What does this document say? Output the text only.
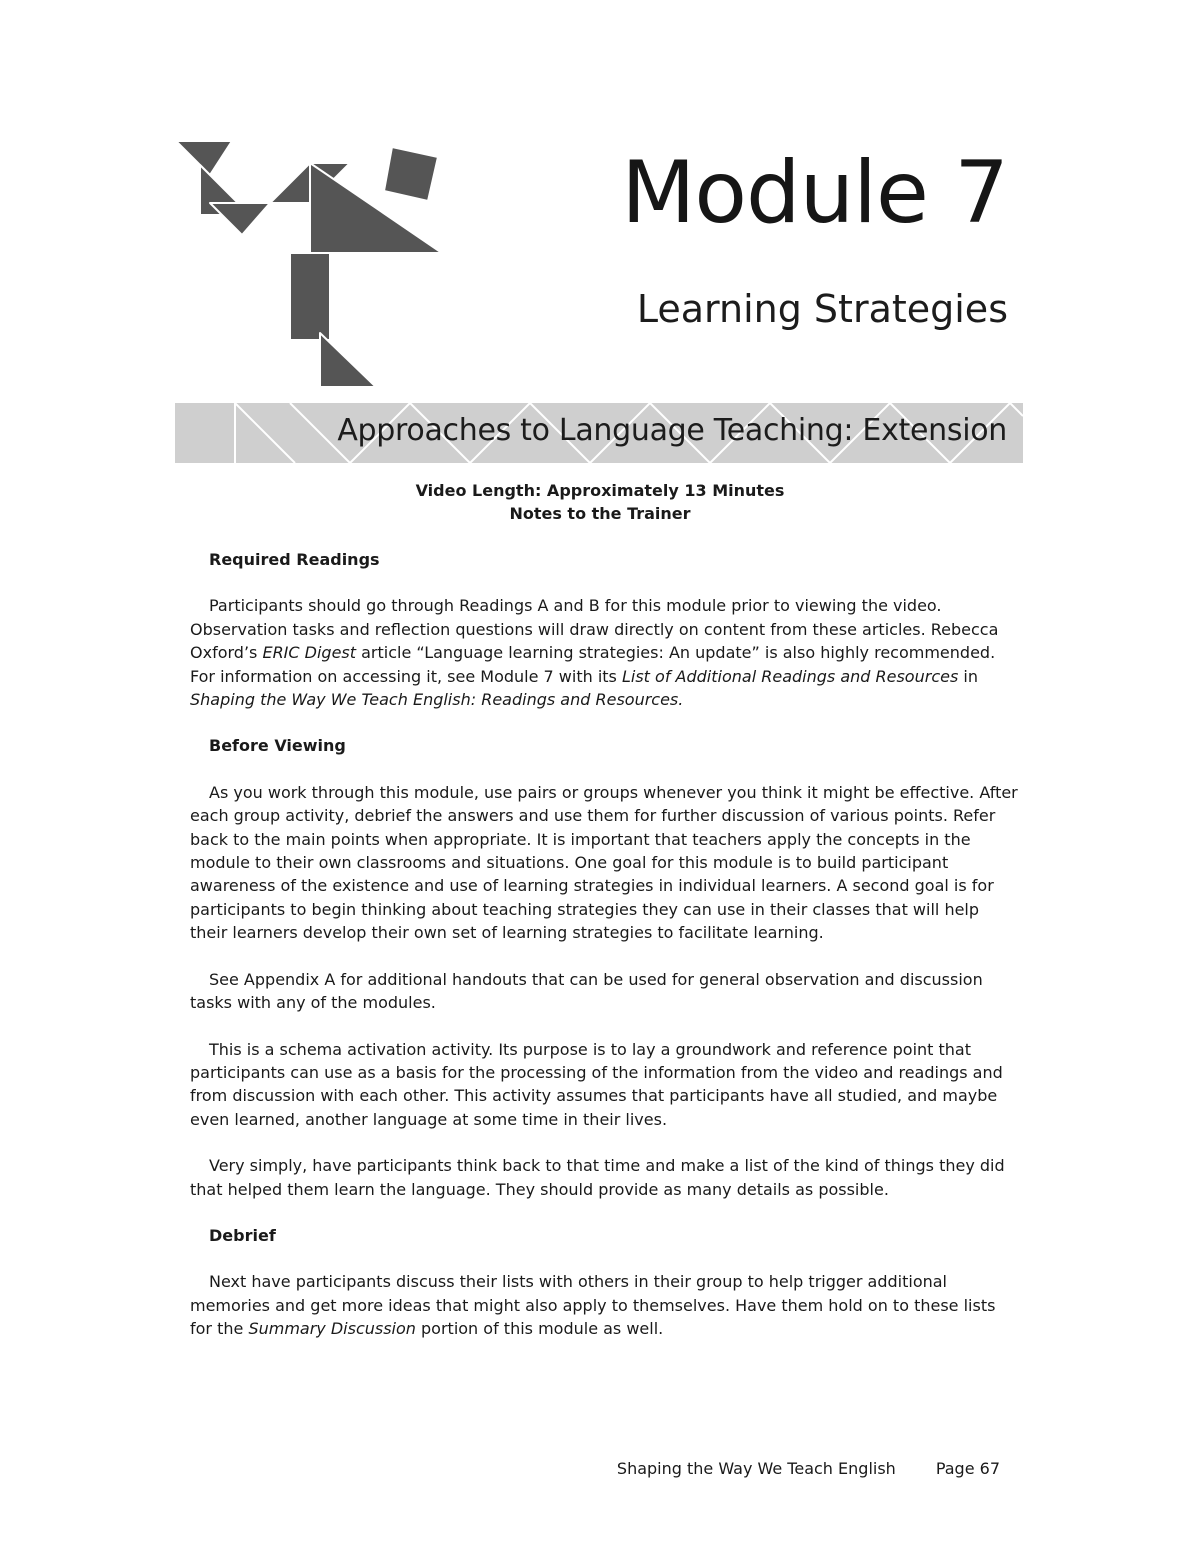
Module 7
Learning Strategies
Approaches to Language Teaching: Extension
Video Length: Approximately 13 Minutes
Notes to the Trainer
Required Readings

Participants should go through Readings A and B for this module prior to viewing the video. Observation tasks and reflection questions will draw directly on content from these articles. Rebecca Oxford’s ERIC Digest article “Language learning strategies: An update” is also highly recommended. For information on accessing it, see Module 7 with its List of Additional Readings and Resources in Shaping the Way We Teach English: Readings and Resources.

Before Viewing

As you work through this module, use pairs or groups whenever you think it might be effective. After each group activity, debrief the answers and use them for further discussion of various points. Refer back to the main points when appropriate. It is important that teachers apply the concepts in the module to their own classrooms and situations. One goal for this module is to build participant awareness of the existence and use of learning strategies in individual learners. A second goal is for participants to begin thinking about teaching strategies they can use in their classes that will help their learners develop their own set of learning strategies to facilitate learning.

See Appendix A for additional handouts that can be used for general observation and discussion tasks with any of the modules.

This is a schema activation activity. Its purpose is to lay a groundwork and reference point that participants can use as a basis for the processing of the information from the video and readings and from discussion with each other. This activity assumes that participants have all studied, and maybe even learned, another language at some time in their lives.

Very simply, have participants think back to that time and make a list of the kind of things they did that helped them learn the language. They should provide as many details as possible.

Debrief

Next have participants discuss their lists with others in their group to help trigger additional memories and get more ideas that might also apply to themselves. Have them hold on to these lists for the Summary Discussion portion of this module as well.

Shaping the Way We Teach English	Page 67
